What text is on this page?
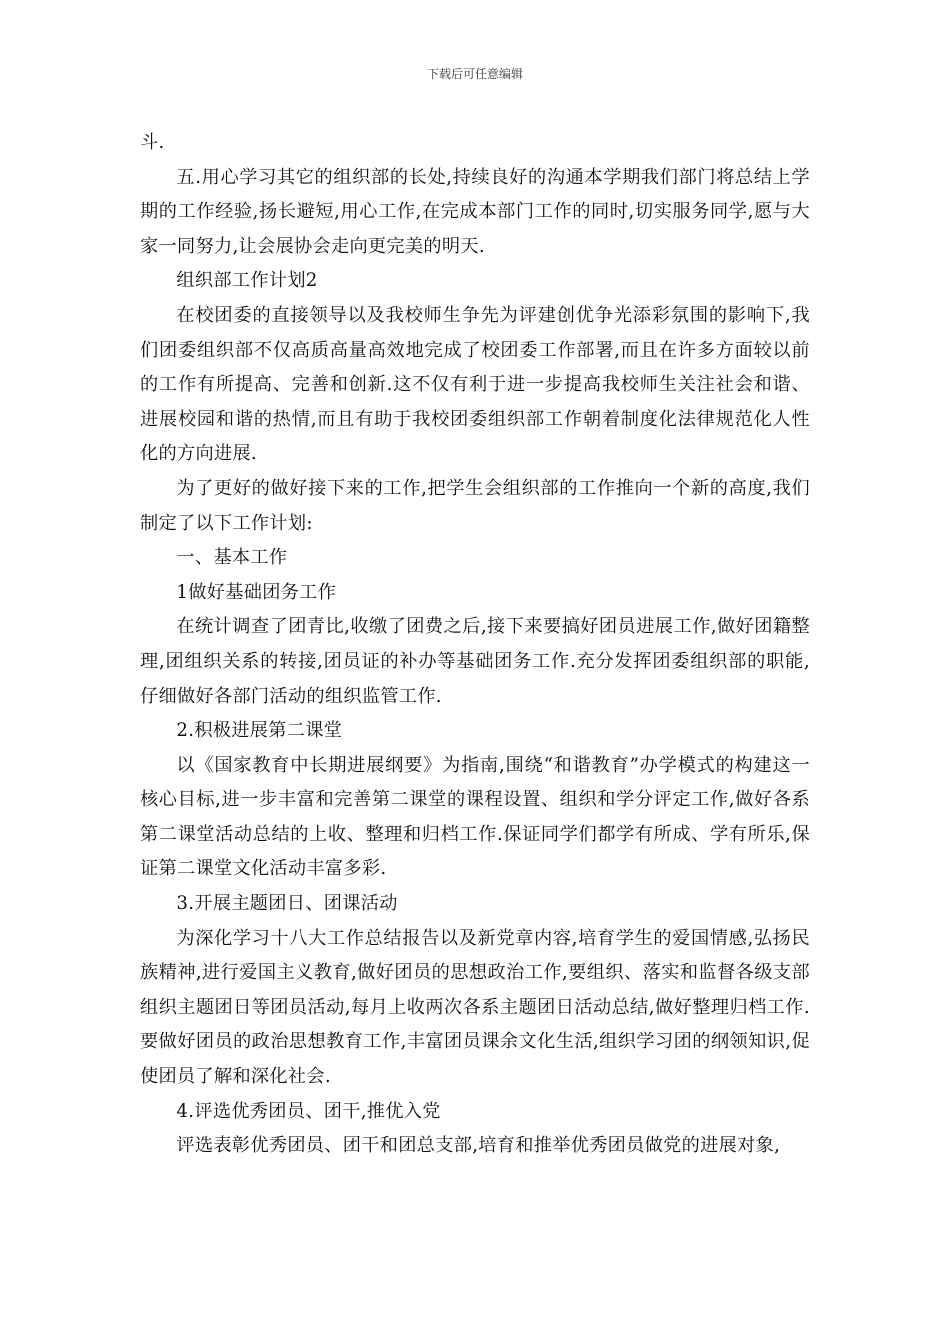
下载后可任意编辑

斗.

五.用心学习其它的组织部的长处,持续良好的沟通本学期我们部门将总结上学期的工作经验,扬长避短,用心工作,在完成本部门工作的同时,切实服务同学,愿与大家一同努力,让会展协会走向更完美的明天.

组织部工作计划2

在校团委的直接领导以及我校师生争先为评建创优争光添彩氛围的影响下,我们团委组织部不仅高质高量高效地完成了校团委工作部署,而且在许多方面较以前的工作有所提高、完善和创新.这不仅有利于进一步提高我校师生关注社会和谐、进展校园和谐的热情,而且有助于我校团委组织部工作朝着制度化法律规范化人性化的方向进展.

为了更好的做好接下来的工作,把学生会组织部的工作推向一个新的高度,我们制定了以下工作计划:

一、基本工作

1做好基础团务工作

在统计调查了团青比,收缴了团费之后,接下来要搞好团员进展工作,做好团籍整理,团组织关系的转接,团员证的补办等基础团务工作.充分发挥团委组织部的职能,仔细做好各部门活动的组织监管工作.

2.积极进展第二课堂

以《国家教育中长期进展纲要》为指南,围绕“和谐教育”办学模式的构建这一核心目标,进一步丰富和完善第二课堂的课程设置、组织和学分评定工作,做好各系第二课堂活动总结的上收、整理和归档工作.保证同学们都学有所成、学有所乐,保证第二课堂文化活动丰富多彩.

3.开展主题团日、团课活动

为深化学习十八大工作总结报告以及新党章内容,培育学生的爱国情感,弘扬民族精神,进行爱国主义教育,做好团员的思想政治工作,要组织、落实和监督各级支部组织主题团日等团员活动,每月上收两次各系主题团日活动总结,做好整理归档工作.要做好团员的政治思想教育工作,丰富团员课余文化生活,组织学习团的纲领知识,促使团员了解和深化社会.

4.评选优秀团员、团干,推优入党

评选表彰优秀团员、团干和团总支部,培育和推举优秀团员做党的进展对象,
